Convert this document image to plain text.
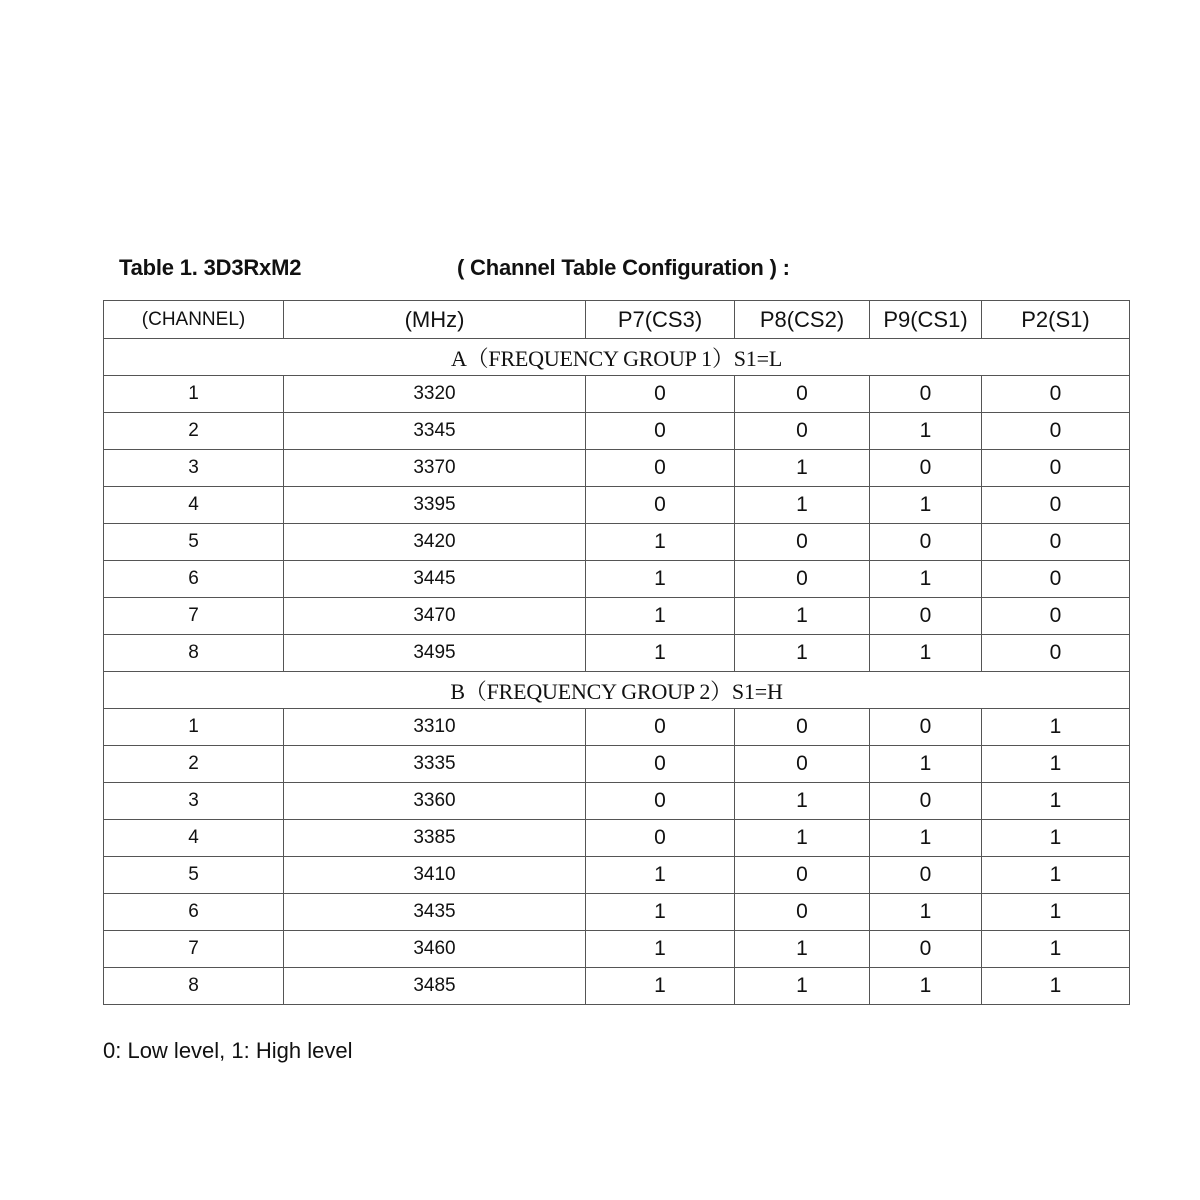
Table 1. 3D3RxM2	( Channel Table Configuration ) :
(CHANNEL)	(MHz)	P7(CS3)	P8(CS2)	P9(CS1)	P2(S1)
A（FREQUENCY GROUP 1）S1=L					
1	3320	0	0	0	0
2	3345	0	0	1	0
3	3370	0	1	0	0
4	3395	0	1	1	0
5	3420	1	0	0	0
6	3445	1	0	1	0
7	3470	1	1	0	0
8	3495	1	1	1	0
B（FREQUENCY GROUP 2）S1=H					
1	3310	0	0	0	1
2	3335	0	0	1	1
3	3360	0	1	0	1
4	3385	0	1	1	1
5	3410	1	0	0	1
6	3435	1	0	1	1
7	3460	1	1	0	1
8	3485	1	1	1	1
0: Low level, 1: High level
